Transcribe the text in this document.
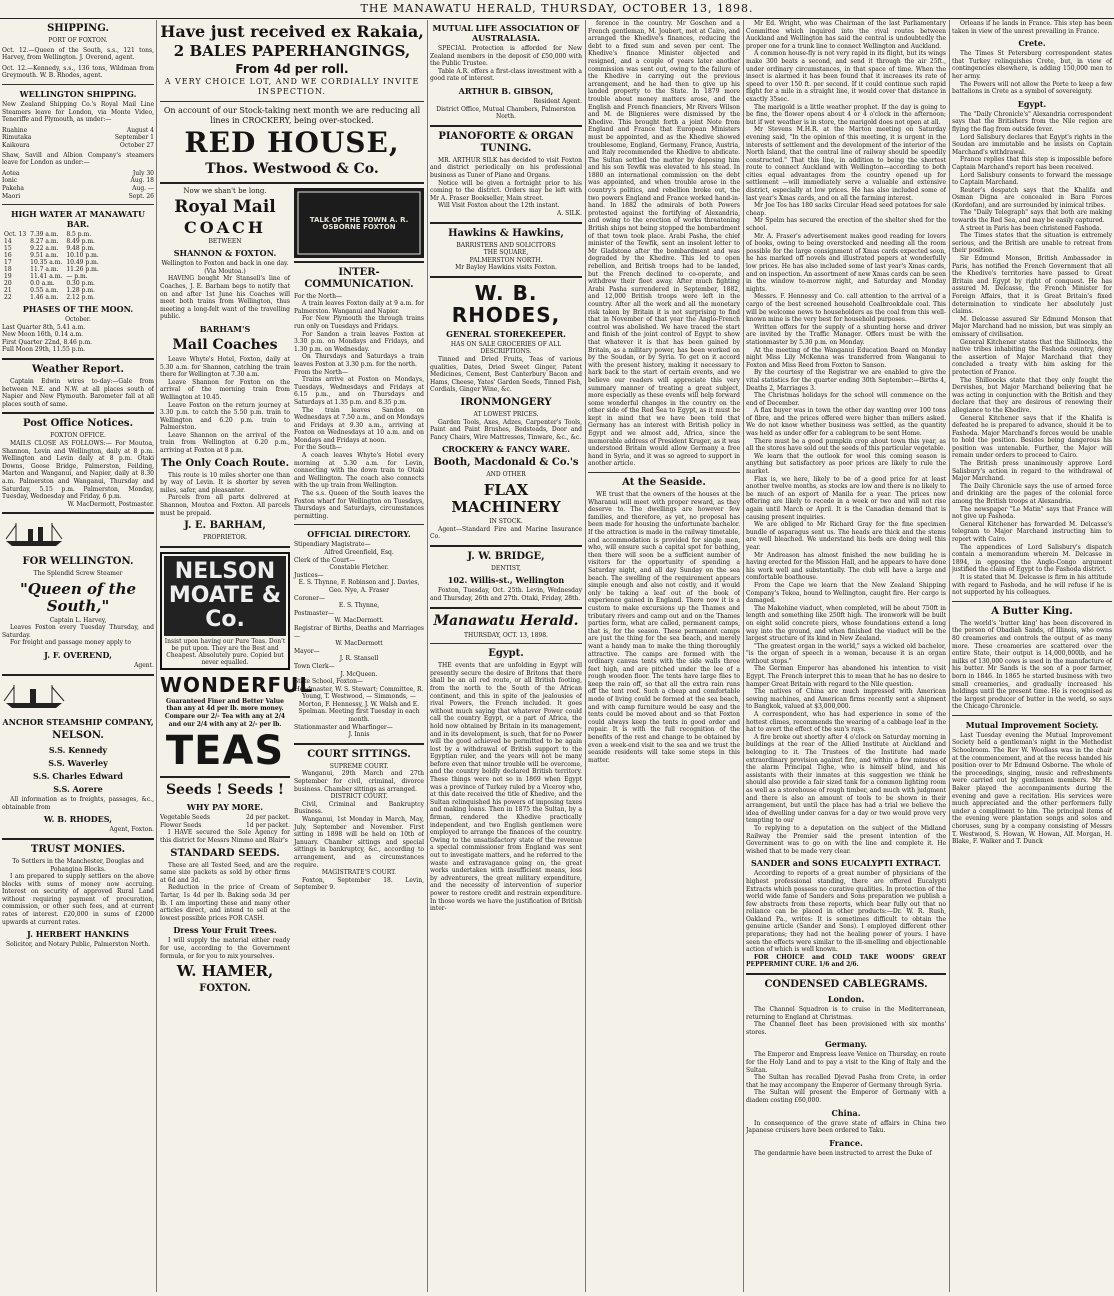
THE MANAWATU HERALD, THURSDAY, OCTOBER 13, 1898.
SHIPPING.
PORT OF FOXTON.
Oct. 12.—Queen of the South, s.s., 121 tons, Harvey, from Wellington. J. Overend, agent.
Oct. 12.—Kennedy, s.s., 136 tons, Wildman from Greymouth. W. B. Rhodes, agent.
WELLINGTON SHIPPING.
New Zealand Shipping Co.'s Royal Mail Line Steamers leave for London, via Monte Video, Teneriffe and Plymouth, as under:—
Ruahine	August 4
Rimutaka	September 1
Kaikoura	October 27
Shaw, Savill and Albion Company's steamers leave for London as under:—
Aotea	July 30
Ionic	Aug. 18
Pakeha	Aug. —
Maori	Sept. 26
HIGH WATER AT MANAWATU BAR.
Oct. 13	7.39 a.m.	8.5 p.m.
14	8.27 a.m.	8.49 p.m.
15	9.22 a.m.	9.48 p.m.
16	9.51 a.m.	10.10 p.m.
17	10.35 a.m.	10.49 p.m.
18	11.7 a.m.	11.26 p.m.
19	11.41 a.m.	— p.m.
20	0.0 a.m.	0.30 p.m.
21	0.55 a.m.	1.28 p.m.
22	1.46 a.m.	2.12 p.m.
PHASES OF THE MOON.
October.
Last Quarter 8th, 5.41 a.m.
New Moon 16th, 0.14 a.m.
First Quarter 22nd, 8.46 p.m.
Full Moon 29th, 11.55 p.m.
Weather Report.

Captain Edwin wires to-day:—Gale from between N.E. and N.W. at all places south of Napier and New Plymouth. Barometer fall at all places south of same.

Post Office Notices.
FOXTON OFFICE.

MAILS CLOSE AS FOLLOWS:— For Moutoa, Shannon, Levin and Wellington, daily at 8 p.m. Wellington and Levin daily at 8 p.m. Otaki Downs, Goose Bridge, Palmerston, Feilding, Marton and Wanganui, and Napier, daily at 8.30 a.m. Palmerston and Wanganui, Thursday and Saturday, 5.15 p.m. Palmerston, Monday, Tuesday, Wednesday and Friday, 6 p.m.

W. MacDermott, Postmaster.
FOR WELLINGTON.
The Splendid Screw Steamer
"Queen of the South,"
Captain L. Harvey,

Leaves Foxton every Tuesday Thursday, and Saturday.

For freight and passage money apply to

J. F. OVEREND,
Agent.
ANCHOR STEAMSHIP COMPANY,
NELSON.
S.S. Kennedy
S.S. Waverley
S.S. Charles Edward
S.S. Aorere

All information as to freights, passages, &c., obtainable from

W. B. RHODES,
Agent, Foxton.
TRUST MONIES.
To Settlers in the Manchester, Douglas and Pohangina Blocks.

I am prepared to supply settlers on the above blocks with sums of money now accruing. Interest on security of approved Rural Land without requiring payment of procuration, commission, or other such fees, and at current rates of interest. £20,000 in sums of £2000 upwards at current rates.

J. HERBERT HANKINS
Solicitor, and Notary Public, Palmerston North.
Have just received ex Rakaia,
2 BALES PAPERHANGINGS,
From 4d per roll.
A VERY CHOICE LOT, AND WE CORDIALLY INVITE INSPECTION.
On account of our Stock-taking next month we are reducing all lines in CROCKERY, being over-stocked.
RED HOUSE,
Thos. Westwood & Co.
Now we shan't be long.
Royal Mail
COACH
BETWEEN
SHANNON & FOXTON.
Wellington to Foxton and back in one day.
(Via Moutoa.)

HAVING bought Mr Stansell's line of Coaches, J. E. Barham begs to notify that on and after 1st June his Coaches will meet both trains from Wellington, thus meeting a long-felt want of the travelling public.

BARHAM'S
Mail Coaches

Leave Whyte's Hotel, Foxton, daily at 5.30 a.m. for Shannon, catching the train there for Wellington at 7.30 a.m.

Leave Shannon for Foxton on the arrival of the morning train from Wellington at 10.45.

Leave Foxton on the return journey at 3.30 p.m. to catch the 5.50 p.m. train to Wellington and 6.20 p.m. train to Palmerston.

Leave Shannon on the arrival of the train from Wellington at 6.20 p.m., arriving at Foxton at 8 p.m.

The Only Coach Route.

This route is 10 miles shorter one than by way of Levin. It is shorter by seven miles, safer, and pleasanter.

Parcels from all parts delivered at Shannon, Moutoa and Foxton. All parcels must be prepaid.

J. E. BARHAM,
PROPRIETOR.
NELSON MOATE & Co.
Insist upon having our Pure Teas. Don't be put upon. They are the Best and Cheapest. Absolutely pure. Copied but never equalled.
WONDERFUL
Guaranteed Finer and Better Value than any at 4d per lb. more money. Compare our 2/- Tea with any at 2/4 and our 2/4 with any at 2/- per lb.
TEAS
Seeds ! Seeds !
WHY PAY MORE.
Vegetable Seeds	2d per packet.
Flower Seeds	1d per packet.

I HAVE secured the Sole Agency for this district for Messrs Nimmo and Blair's

STANDARD SEEDS.

These are all Tested Seed, and are the same size packets as sold by other firms at 6d and 3d.

Reduction in the price of Cream of Tartar, 1s 4d per lb. Baking soda 3d per lb. I am importing these and many other articles direct, and intend to sell at the lowest possible prices FOR CASH.

Dress Your Fruit Trees.

I will supply the material either ready for use, according to the Government formula, or for you to mix yourselves.

W. HAMER,
FOXTON.
TALK OF THE TOWN A. R. OSBORNE FOXTON
INTER-COMMUNICATION.
For the North—

A train leaves Foxton daily at 9 a.m. for Palmerston. Wanganui and Napier.

For New Plymouth the through trains run only on Tuesdays and Fridays.

For Sandon a train leaves Foxton at 3.30 p.m. on Mondays and Fridays, and 1.30 p.m. on Wednesday.

On Thursdays and Saturdays a train leaves Foxton at 3.30 p.m. for the north.

From the North—

Trains arrive at Foxton on Mondays, Tuesdays, Wednesdays and Fridays at 6.15 p.m., and on Thursdays and Saturdays at 1.35 p.m. and 8.35 p.m.

The train leaves Sandon on Wednesdays at 7.50 a.m., and on Mondays and Fridays at 9.30 a.m., arriving at Foxton on Wednesdays at 10 a.m. and on Mondays and Fridays at noon.

For the South—

A coach leaves Whyte's Hotel every morning at 5.30 a.m. for Levin, connecting with the down train to Otaki and Wellington. The coach also connects with the up train from Wellington.

The s.s. Queen of the South leaves the Foxton wharf for Wellington on Tuesdays, Thursdays and Saturdays, circumstances permitting.

OFFICIAL DIRECTORY.
Stipendiary Magistrate—
Alfred Greenfield, Esq.
Clerk of the Court—
Constable Fletcher.
Justices—
E. S. Thynne, F. Robinson and J. Davies, Geo. Nye, A. Fraser
Coroner—
E. S. Thynne,
Postmaster—
W. MacDermott.
Registrar of Births, Deaths and Marriages—
W. MacDermott
Mayor—
J. R. Stansell
Town Clerk—
J. McQueen.
State School, Foxton—
Headmaster, W. S. Stewart; Committee, R. Young, T. Westwood, — Simmonds, — Morton, F. Hennessy, J. W. Walsh and E. Spelman. Meeting first Tuesday in each month.
Stationmaster and Wharfinger—
J. Innis
COURT SITTINGS.
SUPREME COURT.

Wanganui, 29th March and 27th September for civil, criminal, divorce business. Chamber sittings as arranged.

DISTRICT COURT.

Civil, Criminal and Bankruptcy Business.

Wanganui, 1st Monday in March, May, July, September and November. First sitting in 1898 will be held on 10th of January. Chamber sittings and special sittings in bankruptcy, &c., according to arrangement, and as circumstances require.

MAGISTRATE'S COURT.

Foxton, September 18. Levin, September 9.

MUTUAL LIFE ASSOCIATION OF AUSTRALASIA.

SPECIAL Protection is afforded for New Zealand members in the deposit of £50,000 with the Public Trustee.

Table A.R. offers a first-class investment with a good rate of interest.

ARTHUR B. GIBSON,
Resident Agent.
District Office, Mutual Chambers, Palmerston North.
PIANOFORTE & ORGAN TUNING.

MR. ARTHUR SILK has decided to visit Foxton and district periodically on his professional business as Tuner of Piano and Organs.

Notice will be given a fortnight prior to his coming to the district. Orders may be left with Mr A. Fraser Bookseller, Main street.

Will Visit Foxton about the 12th instant.

A. SILK.
Hawkins & Hawkins,
BARRISTERS AND SOLICITORS
THE SQUARE,
PALMERSTON NORTH.
Mr Bayley Hawkins visits Foxton.
W. B. RHODES,
GENERAL STOREKEEPER.
HAS ON SALE GROCERIES OF ALL DESCRIPTIONS.

Tinned and Dried Fruits, Teas of various qualities, Dates, Dried Sweet Ginger, Patent Medicines, Cement, Best Canterbury Bacon and Hams, Cheese, Yates' Garden Seeds, Tinned Fish, Cordials, Ginger Wine, &c.

IRONMONGERY
AT LOWEST PRICES.

Garden Tools, Axes, Adzes, Carpenter's Tools, Paint and Paint Brushes, Bedsteads, Door and Fancy Chairs, Wire Mattresses, Tinware, &c., &c.

CROCKERY & FANCY WARE.
Booth, Macdonald & Co.'s
AND OTHER
FLAX MACHINERY
IN STOCK.

Agent—Standard Fire and Marine Insurance Co.

J. W. BRIDGE,
DENTIST,
102. Willis-st., Wellington

Foxton, Tuesday, Oct. 25th. Levin, Wednesday and Thursday, 26th and 27th. Otaki, Friday, 28th.

Manawatu Herald.
THURSDAY, OCT. 13, 1898.
Egypt.

THE events that are unfolding in Egypt will presently secure the desire of Britons that there shall be an all red route, or all British footing, from the north to the South of the African continent, and this in spite of the jealousies of rival Powers, the French included. It goes without much saying that whatever Power could call the country Egypt, or a part of Africa, the hold now obtained by Britain in its management, and in its development, is such, that for no Power will the good achieved be permitted to be again lost by a withdrawal of British support to the Egyptian ruler, and the years will not be many before even that minor trouble will be overcome, and the country boldly declared British territory. These things were not so in 1869 when Egypt was a province of Turkey ruled by a Viceroy who, at this date received the title of Khedive, and the Sultan relinquished his powers of imposing taxes and making loans. Then in 1875 the Sultan, by a firman, rendered the Khedive practically independent, and two English gentlemen were employed to arrange the finances of the country. Owing to the unsatisfactory state of the revenue a special commissioner from England was sent out to investigate matters, and he referred to the waste and extravagance going on, the great works undertaken with insufficient means, loss by adventurers, the great military expenditure, and the necessity of intervention of superior power to restore credit and restrain expenditure. In those words we have the justification of British inter-

ference in the country. Mr Goschen and a French gentleman, M. Joubert, met at Cairo, and arranged the Khedive's finances, reducing the debt to a fixed sum and seven per cent. The Khedive's finance Minister objected and resigned, and a couple of years later another commission was sent out, owing to the failure of the Khedive in carrying out the previous arrangement, and he had then to give up his landed property to the State. In 1879 more trouble about money matters arose, and the English and French financiers, Mr Rivers Wilson and M. de Blignieres were dismissed by the Khedive. This brought forth a joint Note from England and France that European Ministers must be appointed, and as the Khedive showed troublesome, England, Germany, France, Austria, and Italy recommended the Khedive to abdicate. The Sultan settled the matter by deposing him and his son Tewfik was elevated to his stead. In 1880 an international commission on the debt was appointed, and when trouble arose in the country's politics, and rebellion broke out, the two powers England and France worked hand-in-hand. In 1882 the admirals of both Powers protested against the fortifying of Alexandria, and owing to the erection of works threatening British ships not being stopped the bombardment of that town took place. Arabi Pasha, the chief minister of the Tewfik, sent an insolent letter to Mr Gladstone after the bombardment and was degraded by the Khedive. This led to open rebellion, and British troops had to be landed, but the French declined to co-operate, and withdrew their fleet away. After much fighting Arabi Pasha surrendered in September, 1882, and 12,000 British troops were left in the country. After all the work and all the monetary risk taken by Britain it is not surprising to find that in November of that year the Anglo-French control was abolished. We have traced the start and finish of the joint control of Egypt to show that whatever it is that has been gained by Britain, as a military power, has been worked on by the Soudan, or by Syria. To get on it accord with the present history, making it necessary to hark back to the start of certain events, and we believe our readers will appreciate this very summary manner of treating a great subject, more especially as these events will help forward some wonderful changes in the country on the other side of the Red Sea to Egypt, as it must be kept in mind that we have been told that Germany has an interest with British policy in Egypt and we almost add, Africa, since the memorable address of President Kruger, as it was understood Britain would allow Germany a free hand in Syria, and it was so agreed to support in another article.

At the Seaside.

WE trust that the owners of the houses at the Wharanui will meet with proper reward, as they deserve to. The dwellings are however few families, and therefore, as yet, no proposal has been made for housing the unfortunate bachelor. If the attraction is made in the railway timetable, and accommodation is provided for single men, who, will ensure such a capital spot for bathing, then there will soon be a sufficient number of visitors for the opportunity of spending a Saturday night, and all day Sunday on the sea beach. The swelling of the requirement appears simple enough and also not costly, and it would only be taking a leaf out of the book of experience gained in England. There now it is a custom to make excursions up the Thames and tributary rivers and camp out and on the Thames parties form, what are called, permanent camps, that is, for the season. These permanent camps are just the thing for the sea beach, and merely want a handy man to make the thing thoroughly attractive. The camps are formed with the ordinary canvas tents with the side walls three feet high, and are pitched under the lee of a rough wooden floor. The tents have large flies to keep the rain off, so that all the extra rain runs off the tent roof. Such a cheap and comfortable mode of living could be formed at the sea beach, and with camp furniture would be easy and the tents could be moved about and so that Foxton could always keep the tents in good order and repair. It is with the full recognition of the benefits of the rest and change to be obtained by even a week-end visit to the sea and we trust the seaside residents will take some steps in this matter.

Mr Ed. Wright, who was Chairman of the last Parliamentary Committee which inquired into the rival routes between Auckland and Wellington has said the central is undoubtedly the proper one for a trunk line to connect Wellington and Auckland.

A common house-fly is not very rapid in its flight, but its wings make 300 beats a second, and send it through the air 25ft., under ordinary circumstances, in that space of time. When the insect is alarmed it has been found that it increases its rate of speed to over 150 ft. per second. If it could continue such rapid flight for a mile in a straight line, it would cover that distance in exactly 35sec.

The marigold is a little weather prophet. If the day is going to be fine, the flower opens about 4 or 4 o'clock in the afternoon; but if wet weather is in store, the marigold does not open at all.

Mr Stevens M.H.R. at the Marton meeting on Saturday evening said, "In the opinion of this meeting, it is urgent in the interests of settlement and the development of the interior of the North Island, that the central line of railway should be speedily constructed." That this line, in addition to being the shortest route to connect Auckland with Wellington—according to both cities equal advantages from the country opened up for settlement —will immediately serve a valuable and extensive district, especially at low prices. He has also included some of last year's Xmas cards, and on all the farming interest.

Mr Joe Tos has 180 sacks Circular Head seed potatoes for sale cheap.

Mr Spelm has secured the erection of the shelter shed for the school.

Mr. A. Fraser's advertisement makes good reading for lovers of books, owing to being overstocked and needing all the room possible for the large consignment of Xmas cards expected soon, he has marked off novels and illustrated papers at wonderfully low prices. He has also included some of last year's Xmas cards, and on inspection. An assortment of new Xmas cards can be seen in the window to-morrow night, and Saturday and Monday nights.

Messrs. F. Hennessy and Co. call attention to the arrival of a cargo of the best screened household Coalbrookdale coal. This will be welcome news to householders as the coal from this well-known mine is the very best for household purposes.

Written offers for the supply of a shunting horse and driver are invited by the Traffic Manager. Offers must be with the stationmaster by 5.30 p.m. on Monday.

At the meeting of the Wanganui Education Board on Monday night Miss Lily McKenna was transferred from Wanganui to Foxton and Miss Reed from Foxton to Sanson.

By the courtesy of the Registrar we are enabled to give the vital statistics for the quarter ending 30th September:—Births 4, Deaths 2, Marriages 3.

The Christmas holidays for the school will commence on the end of December.

A flax buyer was in town the other day wanting over 100 tons of fibre, and the prices offered were higher than millers asked. We do not know whether business was settled, as the quantity was held as under offer for a cablegram to be sent Home.

There must be a good pumpkin crop about town this year, as all the stores have sold out the seeds of this particular vegetable.

We learn that the outlook for wool this coming season is anything but satisfactory as poor prices are likely to rule the market.

Flax is, we here, likely to be of a good price for at least another twelve months, as stocks are low and there is no likely to be much of an export of Manila for a year. The prices now offering are likely to recede in a week or two and will not rise again until March or April. It is the Canadian demand that is causing present inquiries.

We are obliged to Mr Richard Gray for the fine specimen bundle of asparagus sent us. The heads are thick and the stems are well bleached. We understand his beds are doing well this year.

Mr Andreason has almost finished the new building he is having erected for the Mission Hall, and he appears to have done his work well and substantially. The club will have a large and comfortable boathouse.

From the Cape we learn that the New Zealand Shipping Company's Tekoa, bound to Wellington, caught fire. Her cargo is damaged.

The Makohine viaduct, when completed, will be about 750ft in length and something like 250ft high. The ironwork will be built on eight solid concrete piers, whose foundations extend a long way into the ground, and when finished the viaduct will be the largest structure of its kind in New Zealand.

"The greatest organ in the world," says a wicked old bachelor, "is the organ of speech in a woman, because it is an organ without stops."

The German Emperor has abandoned his intention to visit Egypt. The French interpret this to mean that he has no desire to hamper Great Britain with regard to the Nile question.

The natives of China are much impressed with American sewing machines, and American firms recently sent a shipment to Bangkok, valued at $3,000,000.

A correspondent, who has had experience in some of the hottest climes, recommends the wearing of a cabbage leaf in the hat to avert the effect of the sun's rays.

A fire broke out shortly after 4 o'clock on Saturday morning in buildings at the rear of the Allied Institute at Auckland and belonging to it. The Trustees of the Institute had made extraordinary provision against fire, and within a few minutes of the alarm Principal Tighe, who is himself blind, and his assistants with their inmates at this suggestion we think he should also provide a fair sized tank for a common lighting room as well as a storehouse of rough timber, and much with judgment and there is also an amount of tools to be shown in their arrangement, but until the place has had a trial we believe the idea of dwelling under canvas for a day or two would prove very tempting to our

To replying to a deputation on the subject of the Midland Railway the Premier said the present intention of the Government was to go on with the line and complete it. He wished that to be made very clear.

SANDER and SONS EUCALYPTI EXTRACT.

According to reports of a great number of physicians of the highest professional standing, there are offered Eucalypti Extracts which possess no curative qualities. In protection of the world wide fame of Sanders and Sons preparation we publish a few abstracts from these reports, which bear fully out that no reliance can be placed in other products:—Dr. W. R. Rush, Oakland Pa., writes: It is sometimes difficult to obtain the genuine article (Sander and Sons). I employed different other preparations; they had not the healing power of yours. I have seen the effects were similar to the ill-smelling and objectionable action of which is well known.

FOR CHOICE and COLD TAKE WOODS' GREAT PEPPERMINT CURE. 1/6 and 2/6.

CONDENSED CABLEGRAMS.
London.

The Channel Squadron is to cruise in the Mediterranean, returning to England at Christmas.

The Channel fleet has been provisioned with six months' stores.

Germany.

The Emperor and Empress leave Venice on Thursday, en route for the Holy Land and to pay a visit to the King of Italy and the Sultan.

The Sultan has recalled Djevad Pasha from Crete, in order that he may accompany the Emperor of Germany through Syria.

The Sultan will present the Emperor of Germany with a diadem costing £60,000.

China.

In consequence of the grave state of affairs in China two Japanese cruisers have been ordered to Taku.

France.

The gendarmie have been instructed to arrest the Duke of

Orleans if he lands in France. This step has been taken in view of the unrest prevailing in France.

Crete.

The Times St Petersburg correspondent states that Turkey relinquishes Crete, but, in view of contingencies elsewhere, is adding 150,000 men to her army.

The Powers will not allow the Porte to keep a few battalions in Crete as a symbol of sovereignty.

Egypt.

The "Daily Chronicle's" Alexandria correspondent says that the Britishers from the Nile region are flying the flag from outside fever.

Lord Salisbury declares that Egypt's rights in the Soudan are immutable and he insists on Captain Marchand's withdrawal.

France replies that this step is impossible before Captain Marchand's report has been received.

Lord Salisbury consents to forward the message to Captain Marchand.

Reuter's despatch says that the Khalifa and Osman Digna are concealed in Bara Forces (Kordofan), and are surrounded by inimical tribes.

The "Daily Telegraph" says that both are making towards the Red Sea, and may be easily captured.

A street in Paris has been christened Fashoda.

The Times states that the situation is extremely serious, and the British are unable to retreat from their position.

Sir Edmund Monson, British Ambassador in Paris, has notified the French Government that all the Khedive's territories have passed to Great Britain and Egypt by right of conquest. He has assured M. Delcasse, the French Minister for Foreign Affairs, that it is Great Britain's fixed determination to vindicate her absolutely just claims.

M. Delcasse assured Sir Edmund Monson that Major Marchand had no mission, but was simply an emissary of civilisation.

General Kitchener states that the Shilloocks, the native tribes inhabiting the Fashoda country, deny the assertion of Major Marchand that they concluded a treaty with him asking for the protection of France.

The Shilloocks state that they only fought the Dervishes, but Major Marchand believing that he was acting in conjunction with the British and they declare that they are desirous of renewing their allegiance to the Khedive.

General Kitchener says that if the Khalifa is defeated he is prepared to advance, should it be to Fashoda. Major Marchand's forces would be unable to hold the position. Besides being dangerous his position was untenable. Further, the Major will remain under orders to proceed to Cairo.

The British press unanimously approve Lord Salisbury's action in regard to the withdrawal of Major Marchand.

The Daily Chronicle says the use of armed force and drinking are the pages of the colonial force among the British troops at Alexandria.

The newspaper "Le Matin" says that France will not give up Fashoda.

General Kitchener has forwarded M. Delcasse's telegram to Major Marchand instructing him to report with Cairo.

The appendices of Lord Salisbury's dispatch contain a memorandum wherein M. Delcasse in 1894, in opposing the Anglo-Congo argument justified the claim of Egypt to the Fashoda district.

It is stated that M. Delcasse is firm in his attitude with regard to Fashoda, and he will refuse if he is not supported by his colleagues.

A Butter King.

The world's 'butter king' has been discovered in the person of Obadiah Sands, of Illinois, who owns 80 creameries and controls the output of as many more. These creameries are scattered over the entire State, their output is 14,000,000lb, and he milks of 130,000 cows is used in the manufacture of his butter. Mr Sands is the son of a poor farmer, born in 1846. In 1865 he started business with two small creameries, and gradually increased his holdings until the present time. He is recognised as the largest producer of butter in the world, so says the Chicago Chronicle.

Mutual Improvement Society.

Last Tuesday evening the Mutual Improvement Society held a gentleman's night in the Methodist Schoolroom. The Rev W. Woollass was in the chair at the commencement, and at the recess handed his position over to Mr Edmund Osborne. The whole of the proceedings, singing, music and refreshments were carried out by gentlemen members. Mr H. Baker played the accompaniments during the evening and gave a recitation. His services were much appreciated and the other performers fully under a compliment to him. The principal items of the evening were plantation songs and solos and choruses, sung by a company consisting of Messrs T. Westwood, S. Howan, W. Howan, Alf. Morgan, H. Blake, F. Walker and T. Dunck
